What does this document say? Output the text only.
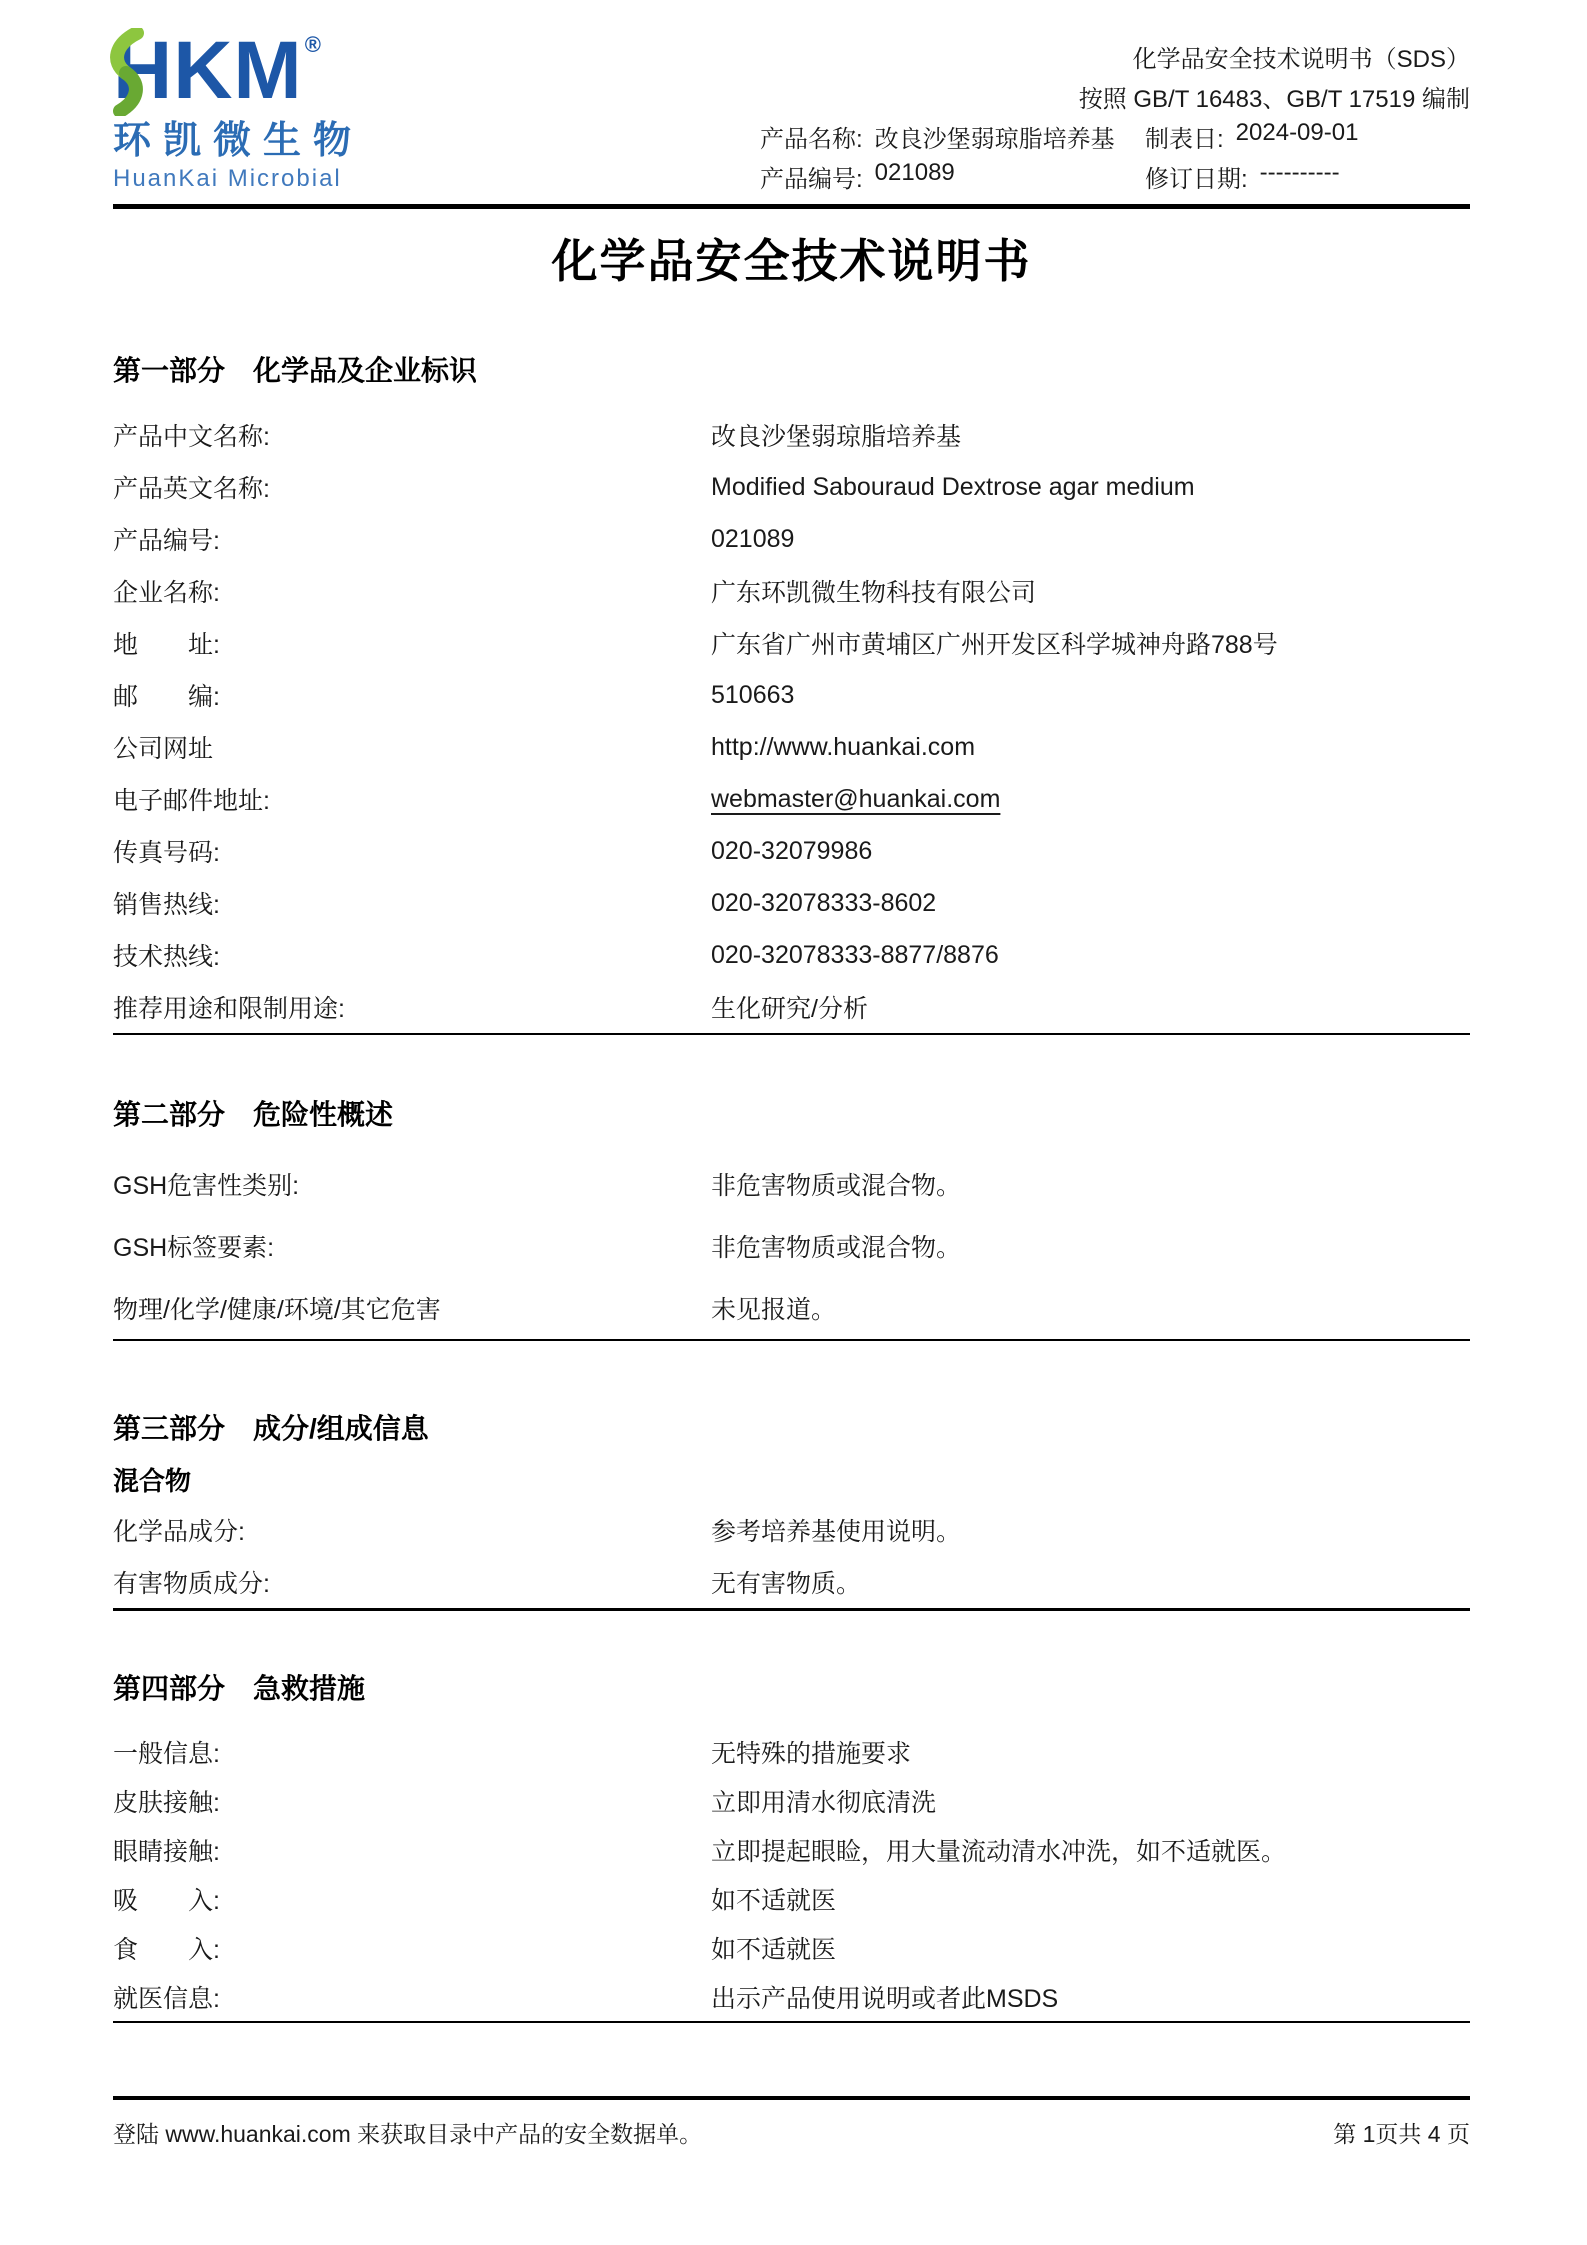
HKM®
环凯微生物
HuanKai Microbial
化学品安全技术说明书（SDS）
按照 GB/T 16483、GB/T 17519 编制
产品名称: 改良沙堡弱琼脂培养基 制表日: 2024-09-01
产品编号: 021089	修订日期: ----------
化学品安全技术说明书
第一部分　化学品及企业标识
产品中文名称:	改良沙堡弱琼脂培养基
产品英文名称:	Modified Sabouraud Dextrose agar medium
产品编号:	021089
企业名称:	广东环凯微生物科技有限公司
地　　址:	广东省广州市黄埔区广州开发区科学城神舟路788号
邮　　编:	510663
公司网址	http://www.huankai.com
电子邮件地址:	webmaster@huankai.com
传真号码:	020-32079986
销售热线:	020-32078333-8602
技术热线:	020-32078333-8877/8876
推荐用途和限制用途:	生化研究/分析
第二部分　危险性概述
GSH危害性类别:	非危害物质或混合物。
GSH标签要素:	非危害物质或混合物。
物理/化学/健康/环境/其它危害	未见报道。
第三部分　成分/组成信息
混合物
化学品成分:	参考培养基使用说明。
有害物质成分:	无有害物质。
第四部分　急救措施
一般信息:	无特殊的措施要求
皮肤接触:	立即用清水彻底清洗
眼睛接触:	立即提起眼睑，用大量流动清水冲洗，如不适就医。
吸　　入:	如不适就医
食　　入:	如不适就医
就医信息:	出示产品使用说明或者此MSDS
登陆 www.huankai.com 来获取目录中产品的安全数据单。	第 1页共 4 页
